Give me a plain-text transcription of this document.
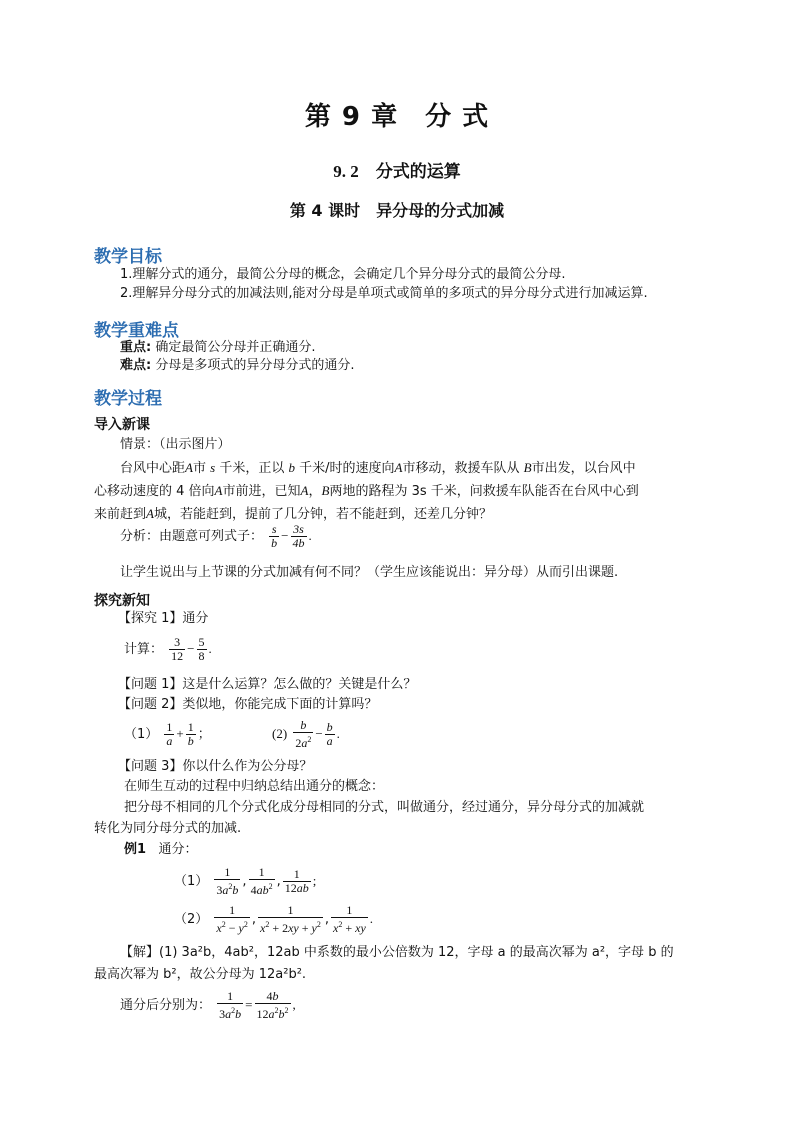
第 9 章　分 式
9. 2　分式的运算
第 4 课时　异分母的分式加减
教学目标
1.理解分式的通分，最简公分母的概念，会确定几个异分母分式的最简公分母.
2.理解异分母分式的加减法则,能对分母是单项式或简单的多项式的异分母分式进行加减运算.
教学重难点
重点: 确定最简公分母并正确通分.
难点: 分母是多项式的异分母分式的通分.
教学过程
导入新课
情景：（出示图片）
台风中心距A市 s 千米，正以 b 千米/时的速度向A市移动，救援车队从 B市出发，以台风中
心移动速度的 4 倍向A市前进，已知A，B两地的路程为 3s 千米，问救援车队能否在台风中心到
来前赶到A城，若能赶到，提前了几分钟，若不能赶到，还差几分钟？
分析：由题意可列式子： $\frac{s}{b} - \frac{3s}{4b}$ .
让学生说出与上节课的分式加减有何不同？（学生应该能说出：异分母）从而引出课题.
探究新知
【探究 1】通分
计算： $\frac{3}{12} - \frac{5}{8}$ .
【问题 1】这是什么运算？怎么做的？关键是什么？
【问题 2】类似地，你能完成下面的计算吗？
$(1) \frac{1}{a} + \frac{1}{b}$ ；	$(2) \frac{b}{2a^2} - \frac{b}{a}$ .
【问题 3】你以什么作为公分母？
在师生互动的过程中归纳总结出通分的概念：
把分母不相同的几个分式化成分母相同的分式，叫做通分，经过通分，异分母分式的加减就
转化为同分母分式的加减.
例1 通分：
$(1) \frac{1}{3a^2b}$ , $\frac{1}{4ab^2}$ , $\frac{1}{12ab}$ ;
$(2) \frac{1}{x^2 - y^2}$ , $\frac{1}{x^2 + 2xy + y^2}$ , $\frac{1}{x^2 + xy}$ .
【解】(1) 3a²b，4ab²，12ab 中系数的最小公倍数为 12，字母 a 的最高次幂为 a²，字母 b 的
最高次幂为 b²，故公分母为 12a²b².
通分后分别为： $\frac{1}{3a^2b} = \frac{4b}{12a^2b^2}$ ,
